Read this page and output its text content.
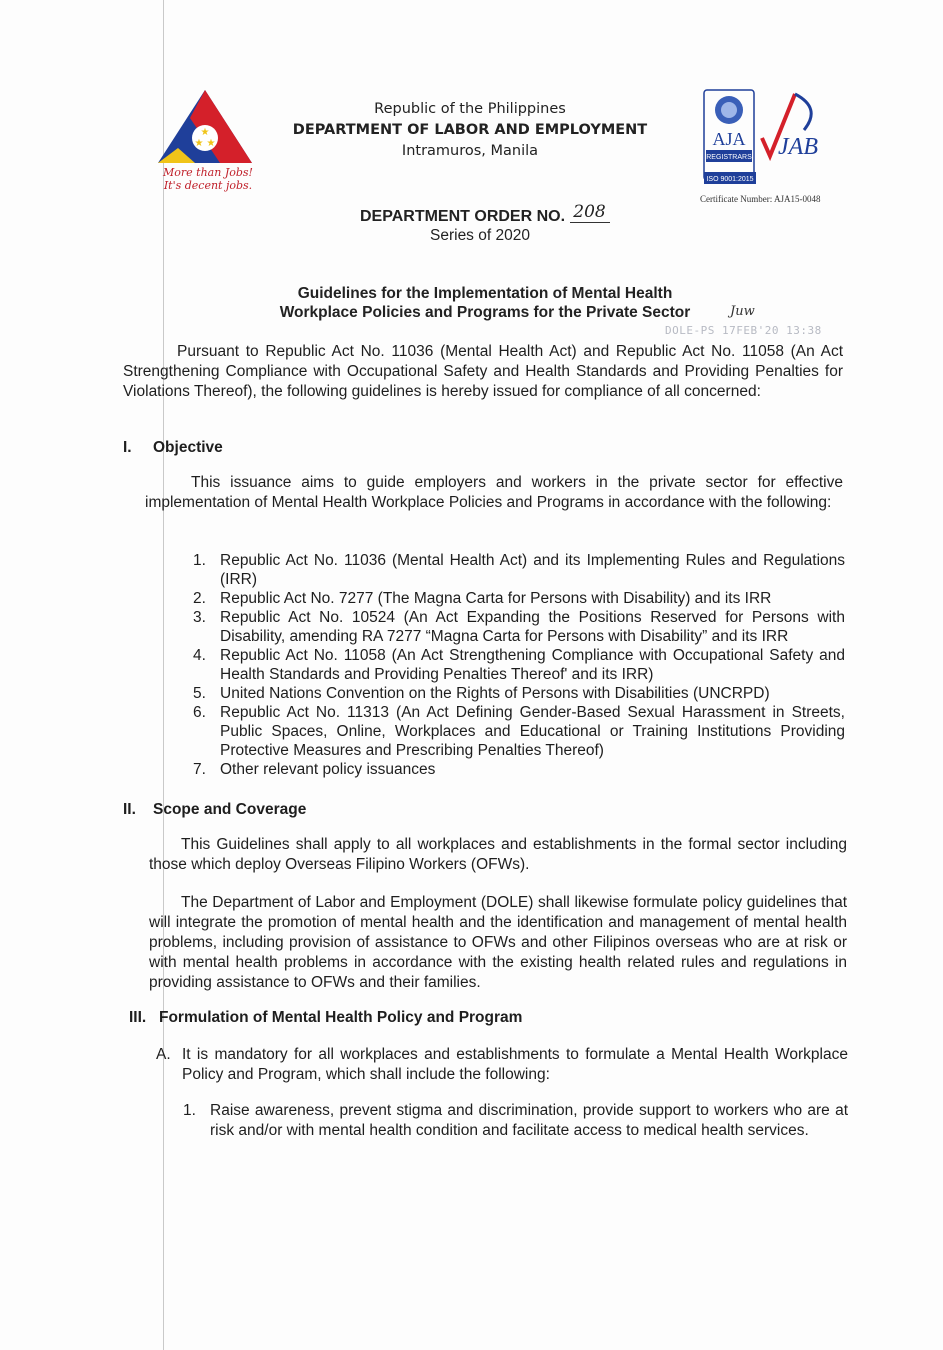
★
★ ★
More than Jobs!
It's decent jobs.
Republic of the Philippines
DEPARTMENT OF LABOR AND EMPLOYMENT
Intramuros, Manila
AJA
REGISTRARS
ISO 9001:2015
JAB
Certificate Number: AJA15-0048
DEPARTMENT ORDER NO. 208
Series of 2020
Guidelines for the Implementation of Mental Health
Workplace Policies and Programs for the Private Sector	Juw
DOLE-PS 17FEB'20 13:38
Pursuant to Republic Act No. 11036 (Mental Health Act) and Republic Act No. 11058 (An Act Strengthening Compliance with Occupational Safety and Health Standards and Providing Penalties for Violations Thereof), the following guidelines is hereby issued for compliance of all concerned:
I. Objective
This issuance aims to guide employers and workers in the private sector for effective implementation of Mental Health Workplace Policies and Programs in accordance with the following:
1. Republic Act No. 11036 (Mental Health Act) and its Implementing Rules and Regulations (IRR)
2. Republic Act No. 7277 (The Magna Carta for Persons with Disability) and its IRR
3. Republic Act No. 10524 (An Act Expanding the Positions Reserved for Persons with Disability, amending RA 7277 “Magna Carta for Persons with Disability” and its IRR
4. Republic Act No. 11058 (An Act Strengthening Compliance with Occupational Safety and Health Standards and Providing Penalties Thereof' and its IRR)
5. United Nations Convention on the Rights of Persons with Disabilities (UNCRPD)
6. Republic Act No. 11313 (An Act Defining Gender-Based Sexual Harassment in Streets, Public Spaces, Online, Workplaces and Educational or Training Institutions Providing Protective Measures and Prescribing Penalties Thereof)
7. Other relevant policy issuances
II. Scope and Coverage
This Guidelines shall apply to all workplaces and establishments in the formal sector including those which deploy Overseas Filipino Workers (OFWs).
The Department of Labor and Employment (DOLE) shall likewise formulate policy guidelines that will integrate the promotion of mental health and the identification and management of mental health problems, including provision of assistance to OFWs and other Filipinos overseas who are at risk or with mental health problems in accordance with the existing health related rules and regulations in providing assistance to OFWs and their families.
III. Formulation of Mental Health Policy and Program
A. It is mandatory for all workplaces and establishments to formulate a Mental Health Workplace Policy and Program, which shall include the following:
1. Raise awareness, prevent stigma and discrimination, provide support to workers who are at risk and/or with mental health condition and facilitate access to medical health services.
